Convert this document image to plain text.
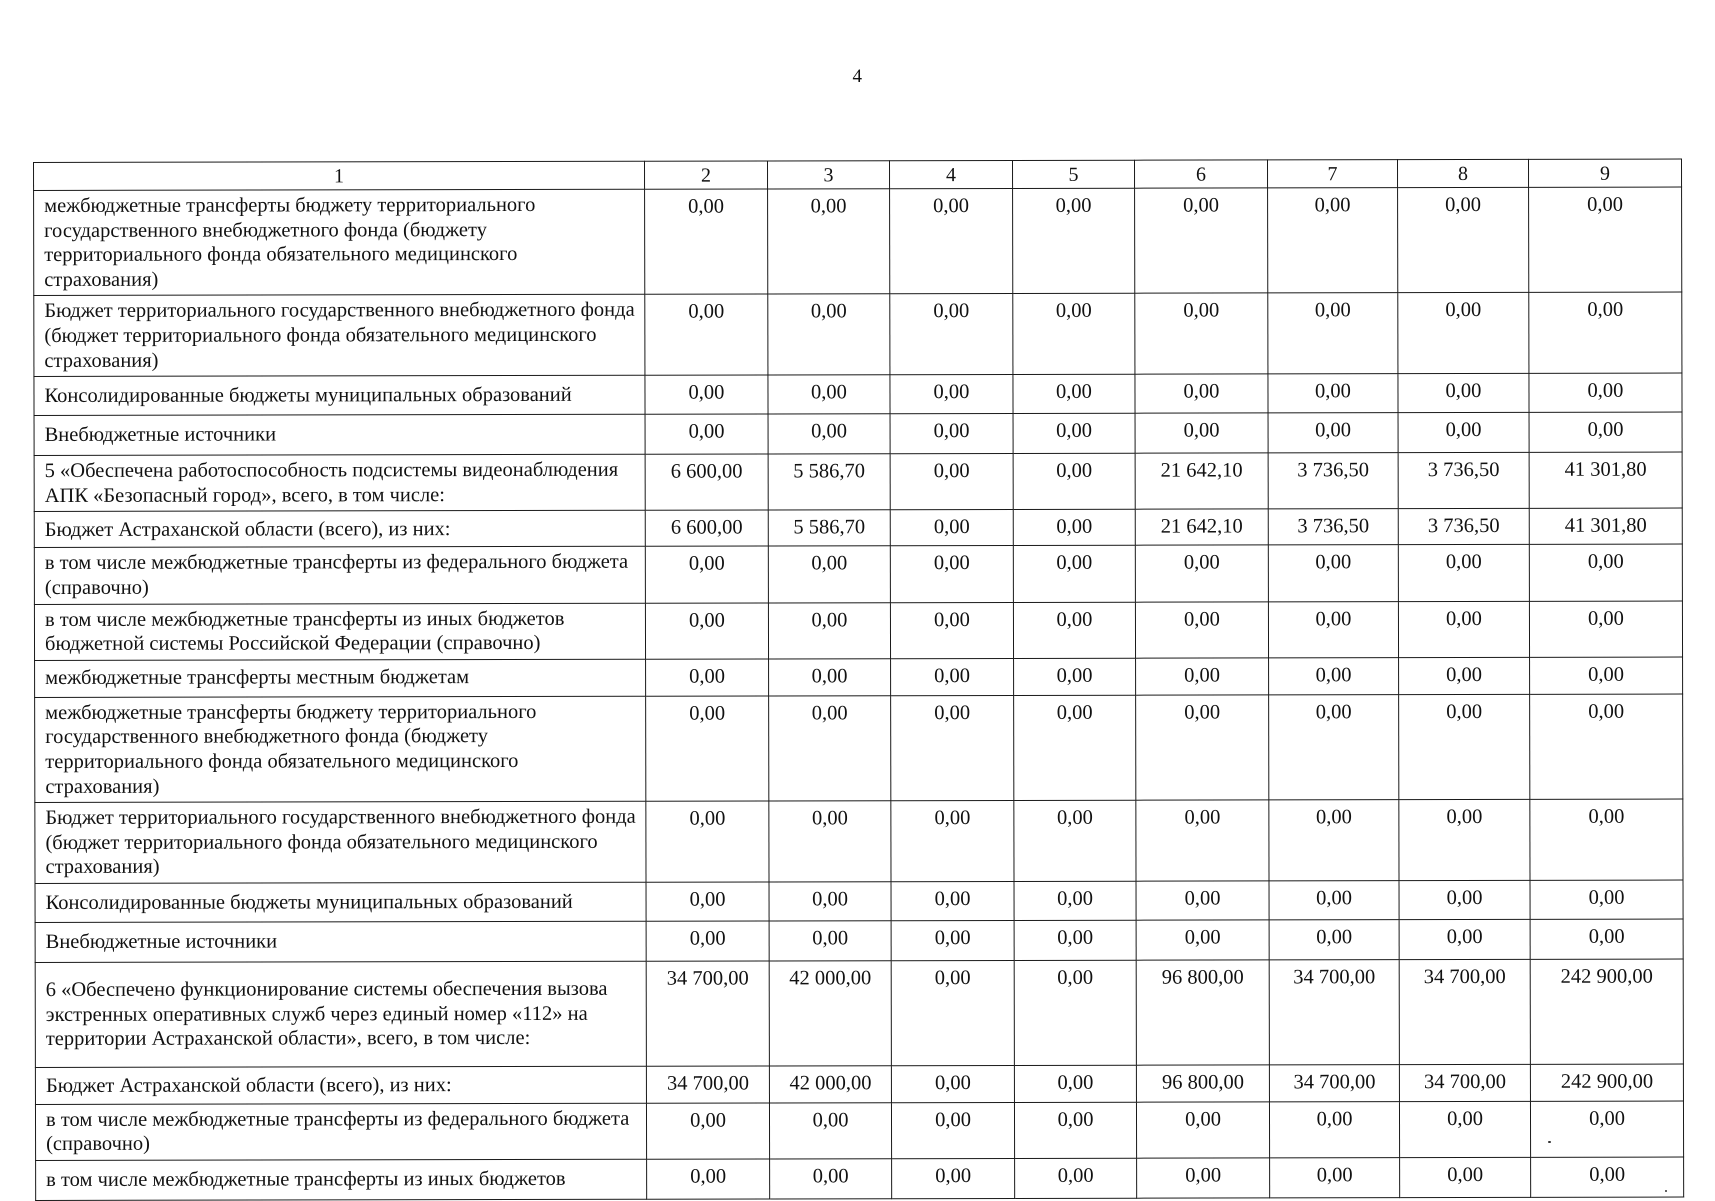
4
1	2	3	4	5	6	7	8	9
межбюджетные трансферты бюджету территориального государственного внебюджетного фонда (бюджету территориального фонда обязательного медицинского страхования)	0,00	0,00	0,00	0,00	0,00	0,00	0,00	0,00
Бюджет территориального государственного внебюджетного фонда (бюджет территориального фонда обязательного медицинского страхования)	0,00	0,00	0,00	0,00	0,00	0,00	0,00	0,00
Консолидированные бюджеты муниципальных образований	0,00	0,00	0,00	0,00	0,00	0,00	0,00	0,00
Внебюджетные источники	0,00	0,00	0,00	0,00	0,00	0,00	0,00	0,00
5 «Обеспечена работоспособность подсистемы видеонаблюдения АПК «Безопасный город», всего, в том числе:	6 600,00	5 586,70	0,00	0,00	21 642,10	3 736,50	3 736,50	41 301,80
Бюджет Астраханской области (всего), из них:	6 600,00	5 586,70	0,00	0,00	21 642,10	3 736,50	3 736,50	41 301,80
в том числе межбюджетные трансферты из федерального бюджета (справочно)	0,00	0,00	0,00	0,00	0,00	0,00	0,00	0,00
в том числе межбюджетные трансферты из иных бюджетов бюджетной системы Российской Федерации (справочно)	0,00	0,00	0,00	0,00	0,00	0,00	0,00	0,00
межбюджетные трансферты местным бюджетам	0,00	0,00	0,00	0,00	0,00	0,00	0,00	0,00
межбюджетные трансферты бюджету территориального государственного внебюджетного фонда (бюджету территориального фонда обязательного медицинского страхования)	0,00	0,00	0,00	0,00	0,00	0,00	0,00	0,00
Бюджет территориального государственного внебюджетного фонда (бюджет территориального фонда обязательного медицинского страхования)	0,00	0,00	0,00	0,00	0,00	0,00	0,00	0,00
Консолидированные бюджеты муниципальных образований	0,00	0,00	0,00	0,00	0,00	0,00	0,00	0,00
Внебюджетные источники	0,00	0,00	0,00	0,00	0,00	0,00	0,00	0,00
6 «Обеспечено функционирование системы обеспечения вызова экстренных оперативных служб через единый номер «112» на территории Астраханской области», всего, в том числе:	34 700,00	42 000,00	0,00	0,00	96 800,00	34 700,00	34 700,00	242 900,00
Бюджет Астраханской области (всего), из них:	34 700,00	42 000,00	0,00	0,00	96 800,00	34 700,00	34 700,00	242 900,00
в том числе межбюджетные трансферты из федерального бюджета (справочно)	0,00	0,00	0,00	0,00	0,00	0,00	0,00	0,00
в том числе межбюджетные трансферты из иных бюджетов	0,00	0,00	0,00	0,00	0,00	0,00	0,00	0,00
